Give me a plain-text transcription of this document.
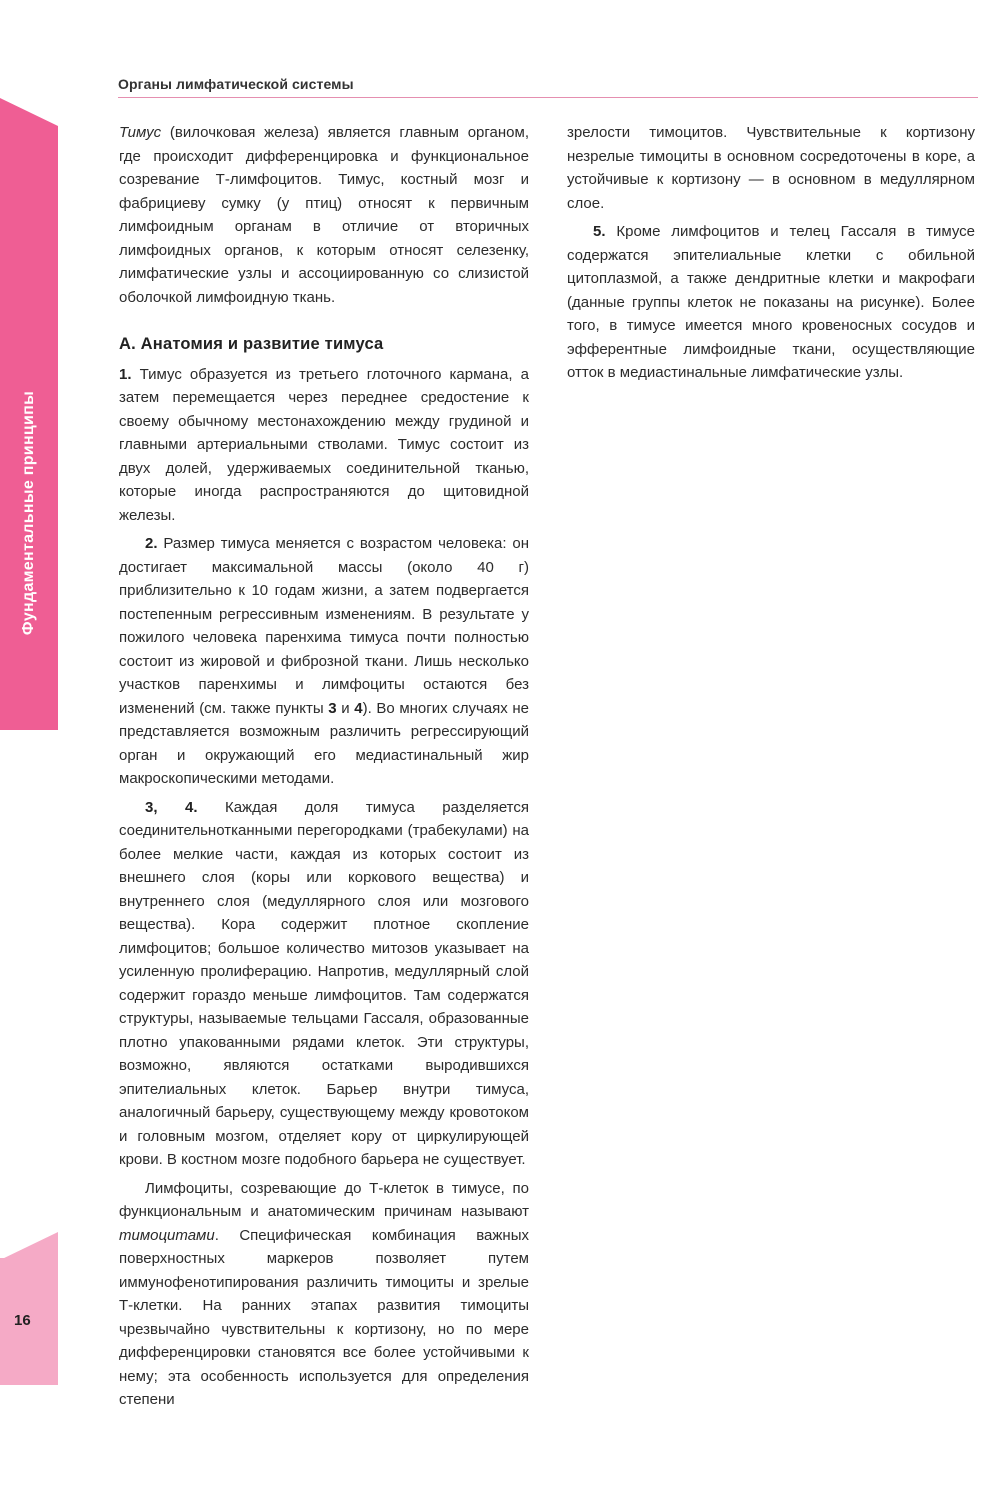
Органы лимфатической системы
Фундаментальные принципы
16

Тимус (вилочковая железа) является главным органом, где происходит дифференцировка и функциональное созревание Т-лимфоцитов. Тимус, костный мозг и фабрициеву сумку (у птиц) относят к первичным лимфоидным органам в отличие от вторичных лимфоидных органов, к которым относят селезенку, лимфатические узлы и ассоциированную со слизистой оболочкой лимфоидную ткань.

А. Анатомия и развитие тимуса

1. Тимус образуется из третьего глоточного кармана, а затем перемещается через переднее средостение к своему обычному местонахождению между грудиной и главными артериальными стволами. Тимус состоит из двух долей, удерживаемых соединительной тканью, которые иногда распространяются до щитовидной железы.

2. Размер тимуса меняется с возрастом человека: он достигает максимальной массы (около 40 г) приблизительно к 10 годам жизни, а затем подвергается постепенным регрессивным изменениям. В результате у пожилого человека паренхима тимуса почти полностью состоит из жировой и фиброзной ткани. Лишь несколько участков паренхимы и лимфоциты остаются без изменений (см. также пункты 3 и 4). Во многих случаях не представляется возможным различить регрессирующий орган и окружающий его медиастинальный жир макроскопическими методами.

3, 4. Каждая доля тимуса разделяется соединительнотканными перегородками (трабекулами) на более мелкие части, каждая из которых состоит из внешнего слоя (коры или коркового вещества) и внутреннего слоя (медуллярного слоя или мозгового вещества). Кора содержит плотное скопление лимфоцитов; большое количество митозов указывает на усиленную пролиферацию. Напротив, медуллярный слой содержит гораздо меньше лимфоцитов. Там содержатся структуры, называемые тельцами Гассаля, образованные плотно упакованными рядами клеток. Эти структуры, возможно, являются остатками выродившихся эпителиальных клеток. Барьер внутри тимуса, аналогичный барьеру, существующему между кровотоком и головным мозгом, отделяет кору от циркулирующей крови. В костном мозге подобного барьера не существует.

Лимфоциты, созревающие до Т-клеток в тимусе, по функциональным и анатомическим причинам называют тимоцитами. Специфическая комбинация важных поверхностных маркеров позволяет путем иммунофенотипирования различить тимоциты и зрелые Т-клетки. На ранних этапах развития тимоциты чрезвычайно чувствительны к кортизону, но по мере дифференцировки становятся все более устойчивыми к нему; эта особенность используется для определения степени

зрелости тимоцитов. Чувствительные к кортизону незрелые тимоциты в основном сосредоточены в коре, а устойчивые к кортизону — в основном в медуллярном слое.

5. Кроме лимфоцитов и телец Гассаля в тимусе содержатся эпителиальные клетки с обильной цитоплазмой, а также дендритные клетки и макрофаги (данные группы клеток не показаны на рисунке). Более того, в тимусе имеется много кровеносных сосудов и эфферентные лимфоидные ткани, осуществляющие отток в медиастинальные лимфатические узлы.
